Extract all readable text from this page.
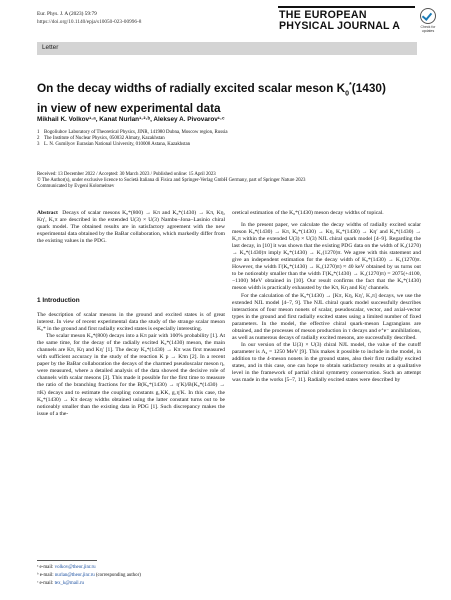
Eur. Phys. J. A (2023) 59:79
https://doi.org/10.1140/epja/s10050-023-00996-8
THE EUROPEAN
PHYSICAL JOURNAL A	Check for updates
Letter
On the decay widths of radially excited scalar meson $K_0^*(1430)$
in view of new experimental data
Mikhail K. Volkov¹·ᵃ, Kanat Nurlan¹·²·ᵇ, Aleksey A. Pivovarov¹·ᶜ
1 Bogoliubov Laboratory of Theoretical Physics, JINR, 141980 Dubna, Moscow region, Russia
2 The Institute of Nuclear Physics, 050032 Almaty, Kazakhstan
3 L. N. Gumilyov Eurasian National University, 010008 Astana, Kazakhstan
Received: 13 December 2022 / Accepted: 30 March 2023 / Published online: 15 April 2023
© The Author(s), under exclusive licence to Società Italiana di Fisica and Springer-Verlag GmbH Germany, part of Springer Nature 2023
Communicated by Evgeni Kolomeitsev
Abstract Decays of scalar mesons K₀*(800) → Kπ and K₀*(1430) → Kπ, Kη, Kη′, K₁π are described in the extended U(3) × U(3) Nambu–Jona–Lasinio chiral quark model. The obtained results are in satisfactory agreement with the new experimental data obtained by the BaBar collaboration, which markedly differ from the existing values in the PDG.
1 Introduction

The description of scalar mesons in the ground and excited states is of great interest. In view of recent experimental data the study of the strange scalar meson K₀* in the ground and first radially excited states is especially interesting.

The scalar meson K₀*(800) decays into a Kπ pair with 100% probability [1]. At the same time, for the decay of the radially excited K₀*(1430) meson, the main channels are Kπ, Kη and Kη′ [1]. The decay K₀*(1430) → Kπ was first measured with sufficient accuracy in the study of the reaction K p → Kπn [2]. In a recent paper by the BaBar collaboration the decays of the charmed pseudoscalar meson η꜀ were measured, where a detailed analysis of the data showed the decisive role of channels with scalar mesons [3]. This made it possible for the first time to measure the ratio of the branching fractions for the B(K₀*(1430) → η′K)/B(K₀*(1430) → πK) decays and to estimate the coupling constants g꜀KK, g꜀η′K. In this case, the K₀*(1430) → Kπ decay widths obtained using the latter constant turns out to be noticeably smaller than the existing data in PDG [1]. Such discrepancy makes the issue of a the-

oretical estimation of the K₀*(1430) meson decay widths of topical.

In the present paper, we calculate the decay widths of radially excited scalar meson K₀*(1430) → Kπ, K₀*(1430) → Kη, K₀*(1430) → Kη′ and K₀*(1430) → K₁π within the extended U(3) × U(3) NJL chiral quark model [4–9]. Regarding the last decay, in [10] it was shown that the existing PDG data on the width of K₁(1270) → K₀*(1430)π imply K₀*(1430) → K₁(1270)π. We agree with this statement and give an independent estimation for the decay width of K₀*(1430) → K₁(1270)π. However, the width Γ(K₀*(1430) → K₁(1270)π) ≈ 40 keV obtained by us turns out to be noticeably smaller than the width Γ(K₀*(1430) → K₁(1270)π) = 2075(+4100, −1100) MeV obtained in [10]. Our result confirms the fact that the K₀*(1430) meson width is practically exhausted by the Kπ, Kη and Kη′ channels.

For the calculation of the K₀*(1430) → [Kπ, Kη, Kη′, K₁π] decays, we use the extended NJL model [4–7, 9]. The NJL chiral quark model successfully describes interactions of four meson nonets of scalar, pseudoscalar, vector, and axial-vector types in the ground and first radially excited states using a limited number of fixed parameters. In the model, the effective chiral quark-meson Lagrangians are obtained, and the processes of meson production in τ decays and e⁺e⁻ annihilations, as well as numerous decays of radially excited mesons, are successfully described.

In our version of the U(3) × U(3) chiral NJL model, the value of the cutoff parameter is Λ₄ = 1250 MeV [9]. This makes it possible to include in the model, in addition to the 4-meson nonets in the ground states, also their first radially excited states, and in this case, one can hope to obtain satisfactory results at a qualitative level in the framework of partial chiral symmetry conservation. Such an attempt was made in the works [5–7, 11]. Radially excited states were described by

ᵃ e-mail: volkov@theor.jinr.ru
ᵇ e-mail: nurlan@theor.jinr.ru (corresponding author)
ᶜ e-mail: tex_k@mail.ru
